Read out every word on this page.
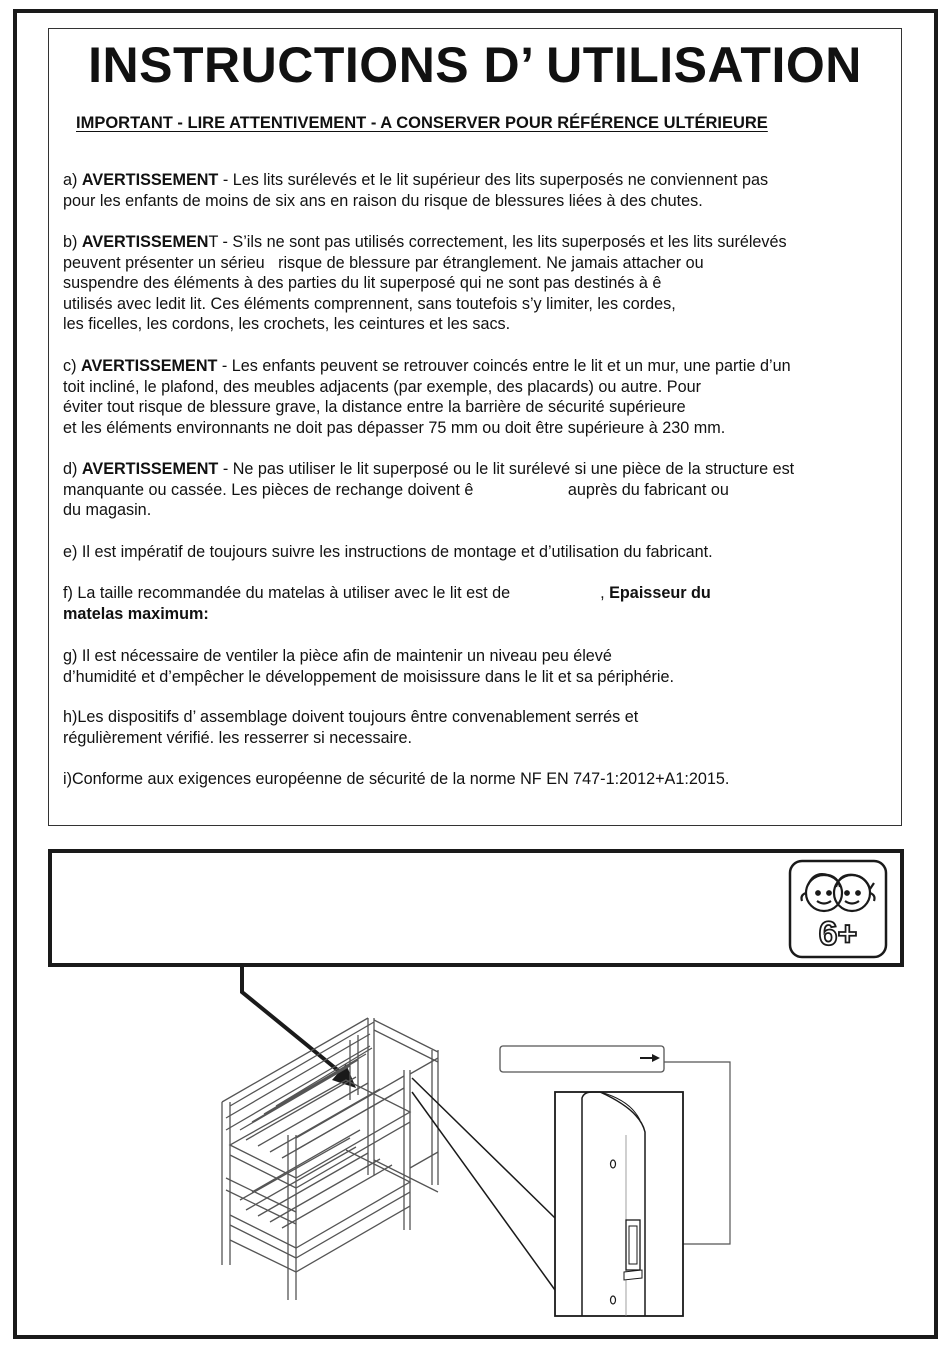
INSTRUCTIONS D’ UTILISATION
IMPORTANT - LIRE ATTENTIVEMENT - A CONSERVER POUR RÉFÉRENCE ULTÉRIEURE
a) AVERTISSEMENT - Les lits surélevés et le lit supérieur des lits superposés ne conviennent pas
pour les enfants de moins de six ans en raison du risque de blessures liées à des chutes.
b) AVERTISSEMENT - S’ils ne sont pas utilisés correctement, les lits superposés et les lits surélevés
peuvent présenter un sérieu   risque de blessure par étranglement. Ne jamais attacher ou
suspendre des éléments à des parties du lit superposé qui ne sont pas destinés à ê
utilisés avec ledit lit. Ces éléments comprennent, sans toutefois s’y limiter, les cordes,
les ficelles, les cordons, les crochets, les ceintures et les sacs.
c) AVERTISSEMENT - Les enfants peuvent se retrouver coincés entre le lit et un mur, une partie d’un
toit incliné, le plafond, des meubles adjacents (par exemple, des placards) ou autre. Pour
éviter tout risque de blessure grave, la distance entre la barrière de sécurité supérieure
et les éléments environnants ne doit pas dépasser 75 mm ou doit être supérieure à 230 mm.
d) AVERTISSEMENT - Ne pas utiliser le lit superposé ou le lit surélevé si une pièce de la structure est
manquante ou cassée. Les pièces de rechange doivent ê                     auprès du fabricant ou
du magasin.
e) Il est impératif de toujours suivre les instructions de montage et d’utilisation du fabricant.
f) La taille recommandée du matelas à utiliser avec le lit est de                    , Epaisseur du
matelas maximum:
g) Il est nécessaire de ventiler la pièce afin de maintenir un niveau peu élevé
d’humidité et d’empêcher le développement de moisissure dans le lit et sa périphérie.
h)Les dispositifs d’ assemblage doivent toujours êntre convenablement serrés et
régulièrement vérifié. les resserrer si necessaire.
i)Conforme aux exigences européenne de sécurité de la norme NF EN 747-1:2012+A1:2015.
6+
